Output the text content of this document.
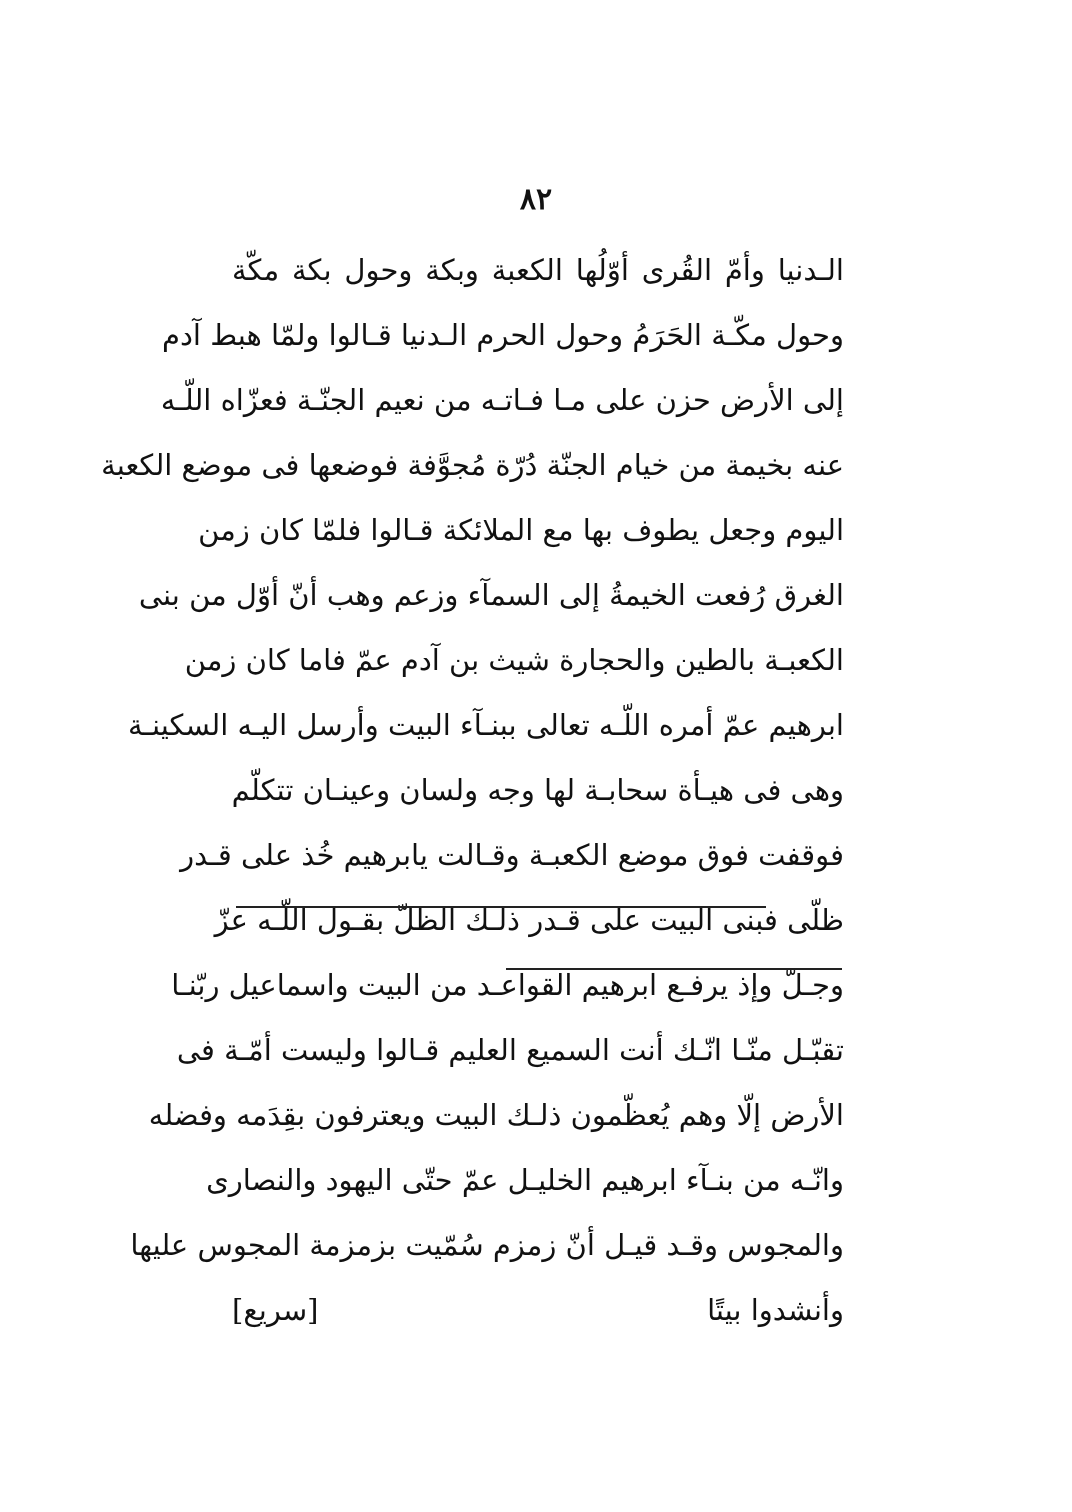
٨٢
الـدنيا وأمّ القُرى أوّلُها الكعبة وبكة وحول بكة مكّة
وحول مكّـة الحَرَمُ وحول الحرم الـدنيا قـالوا ولمّا هبط آدم
إلى الأرض حزن على مـا فـاتـه من نعيم الجنّـة فعزّاه اللّـه
عنه بخيمة من خيام الجنّة دُرّة مُجوَّفة فوضعها فى موضع الكعبة
اليوم وجعل يطوف بها مع الملائكة قـالوا فلمّا كان زمن
الغرق رُفعت الخيمةُ إلى السمآء وزعم وهب أنّ أوّل من بنى
الكعبـة بالطين والحجارة شيث بن آدم عمّ فاما كان زمن
ابرهيم عمّ أمره اللّـه تعالى ببنـآء البيت وأرسل اليـه السكينـة
وهى فى هيـأة سحابـة لها وجه ولسان وعينـان تتكلّم
فوقفت فوق موضع الكعبـة وقـالت يابرهيم خُذ على قـدر
ظلّى فبنى البيت على قـدر ذلـك الظلّ بقـول اللّـه عزّ
وجـلّ وإذ يرفـع ابرهيم القواعـد من البيت واسماعيل ربّنـا
تقبّـل منّـا انّـك أنت السميع العليم قـالوا وليست أمّـة فى
الأرض إلّا وهم يُعظّمون ذلـك البيت ويعترفون بقِدَمه وفضله
وانّـه من بنـآء ابرهيم الخليـل عمّ حتّى اليهود والنصارى
والمجوس وقـد قيـل أنّ زمزم سُمّيت بزمزمة المجوس عليها
وأنشدوا بيتًا
[سريع]
